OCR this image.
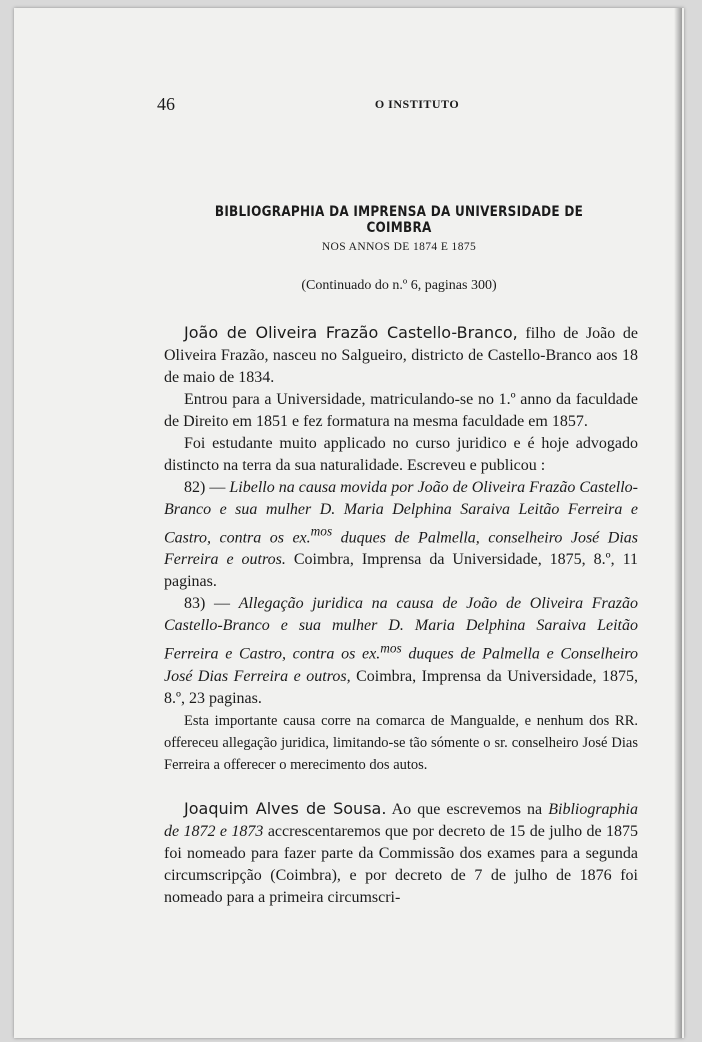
46	O INSTITUTO
BIBLIOGRAPHIA DA IMPRENSA DA UNIVERSIDADE DE COIMBRA
NOS ANNOS DE 1874 E 1875
(Continuado do n.º 6, paginas 300)

João de Oliveira Frazão Castello-Branco, filho de João de Oliveira Frazão, nasceu no Salgueiro, districto de Castello-Branco aos 18 de maio de 1834.

Entrou para a Universidade, matriculando-se no 1.º anno da faculdade de Direito em 1851 e fez formatura na mesma faculdade em 1857.

Foi estudante muito applicado no curso juridico e é hoje advogado distincto na terra da sua naturalidade. Escreveu e publicou :

82) — Libello na causa movida por João de Oliveira Frazão Castello-Branco e sua mulher D. Maria Delphina Saraiva Leitão Ferreira e Castro, contra os ex.$^{mos}$ duques de Palmella, conselheiro José Dias Ferreira e outros. Coimbra, Imprensa da Universidade, 1875, 8.º, 11 paginas.

83) — Allegação juridica na causa de João de Oliveira Frazão Castello-Branco e sua mulher D. Maria Delphina Saraiva Leitão Ferreira e Castro, contra os ex.$^{mos}$ duques de Palmella e Conselheiro José Dias Ferreira e outros, Coimbra, Imprensa da Universidade, 1875, 8.º, 23 paginas.

Esta importante causa corre na comarca de Mangualde, e nenhum dos RR. offereceu allegação juridica, limitando-se tão sómente o sr. conselheiro José Dias Ferreira a offerecer o merecimento dos autos.

Joaquim Alves de Sousa. Ao que escrevemos na Bibliographia de 1872 e 1873 accrescentaremos que por decreto de 15 de julho de 1875 foi nomeado para fazer parte da Commissão dos exames para a segunda circumscripção (Coimbra), e por decreto de 7 de julho de 1876 foi nomeado para a primeira circumscri-
